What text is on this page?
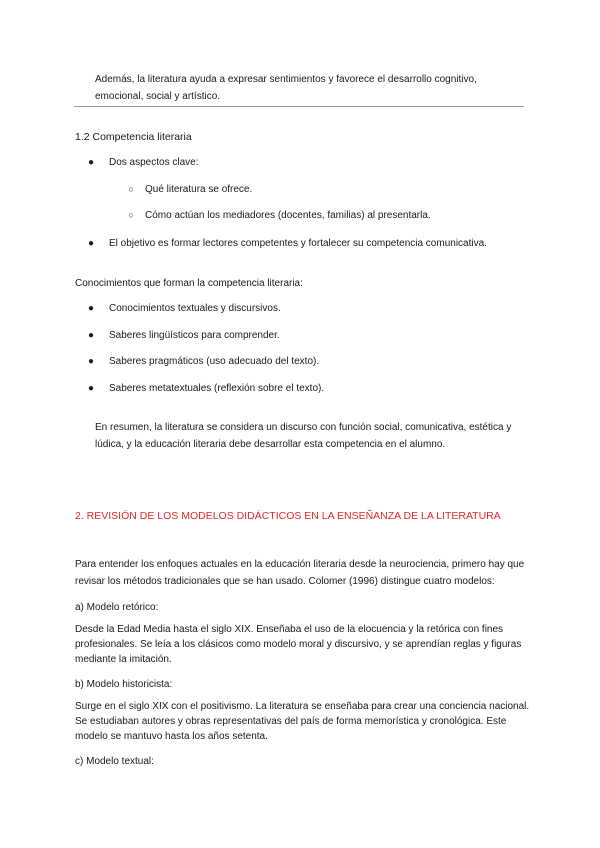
Además, la literatura ayuda a expresar sentimientos y favorece el desarrollo cognitivo, emocional, social y artístico.
1.2 Competencia literaria
● Dos aspectos clave:
○ Qué literatura se ofrece.
○ Cómo actúan los mediadores (docentes, familias) al presentarla.
● El objetivo es formar lectores competentes y fortalecer su competencia comunicativa.
Conocimientos que forman la competencia literaria:
● Conocimientos textuales y discursivos.
● Saberes lingüísticos para comprender.
● Saberes pragmáticos (uso adecuado del texto).
● Saberes metatextuales (reflexión sobre el texto).
En resumen, la literatura se considera un discurso con función social, comunicativa, estética y lúdica, y la educación literaria debe desarrollar esta competencia en el alumno.
2. REVISIÓN DE LOS MODELOS DIDÁCTICOS EN LA ENSEÑANZA DE LA LITERATURA
Para entender los enfoques actuales en la educación literaria desde la neurociencia, primero hay que revisar los métodos tradicionales que se han usado. Colomer (1996) distingue cuatro modelos:
a) Modelo retórico:
Desde la Edad Media hasta el siglo XIX. Enseñaba el uso de la elocuencia y la retórica con fines profesionales. Se leía a los clásicos como modelo moral y discursivo, y se aprendían reglas y figuras mediante la imitación.
b) Modelo historicista:
Surge en el siglo XIX con el positivismo. La literatura se enseñaba para crear una conciencia nacional. Se estudiaban autores y obras representativas del país de forma memorística y cronológica. Este modelo se mantuvo hasta los años setenta.
c) Modelo textual:
